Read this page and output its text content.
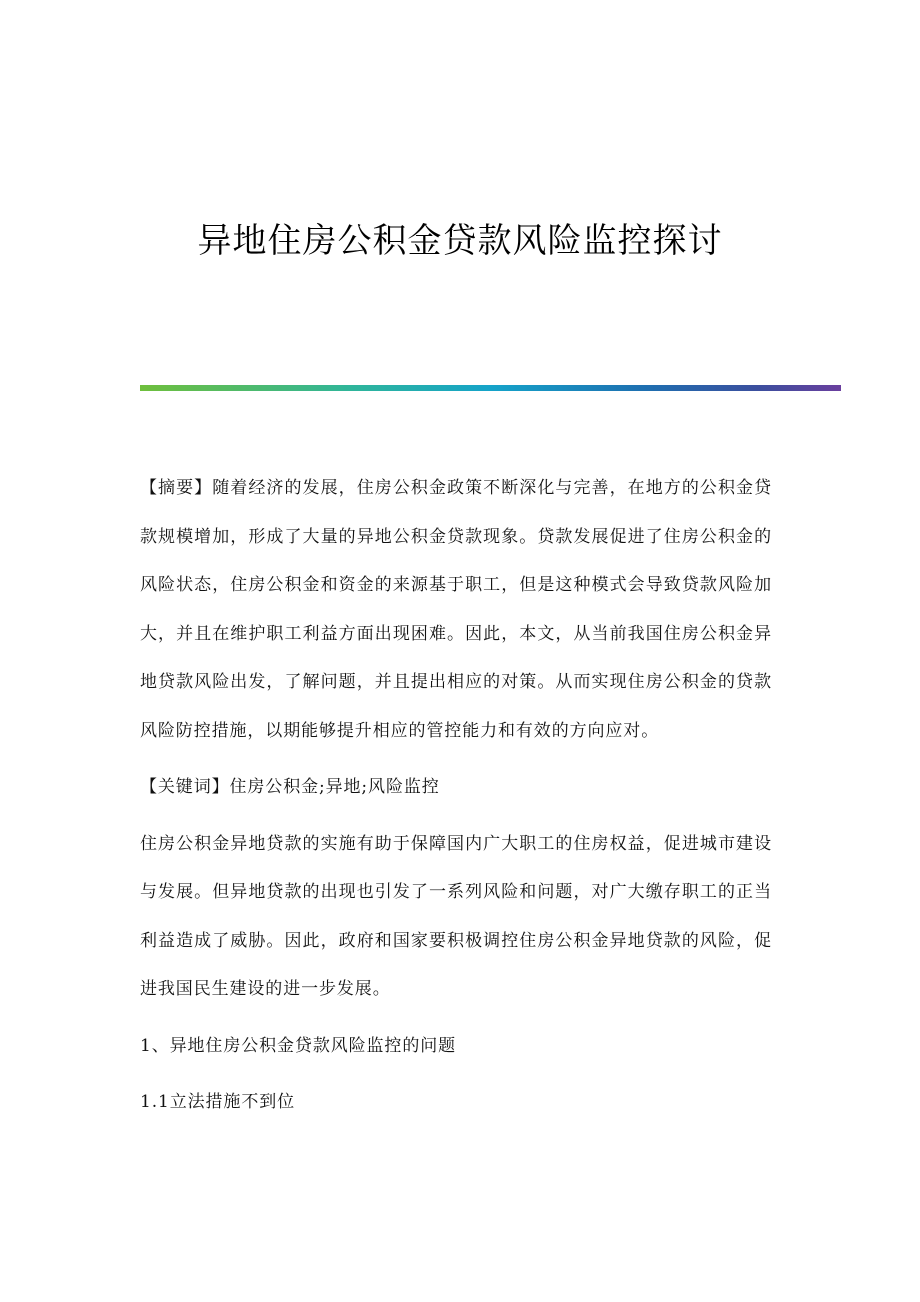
异地住房公积金贷款风险监控探讨

【摘要】随着经济的发展，住房公积金政策不断深化与完善，在地方的公积金贷款规模增加，形成了大量的异地公积金贷款现象。贷款发展促进了住房公积金的风险状态，住房公积金和资金的来源基于职工，但是这种模式会导致贷款风险加大，并且在维护职工利益方面出现困难。因此，本文，从当前我国住房公积金异地贷款风险出发，了解问题，并且提出相应的对策。从而实现住房公积金的贷款风险防控措施，以期能够提升相应的管控能力和有效的方向应对。

【关键词】住房公积金;异地;风险监控

住房公积金异地贷款的实施有助于保障国内广大职工的住房权益，促进城市建设与发展。但异地贷款的出现也引发了一系列风险和问题，对广大缴存职工的正当利益造成了威胁。因此，政府和国家要积极调控住房公积金异地贷款的风险，促进我国民生建设的进一步发展。

1、异地住房公积金贷款风险监控的问题

1.1立法措施不到位
